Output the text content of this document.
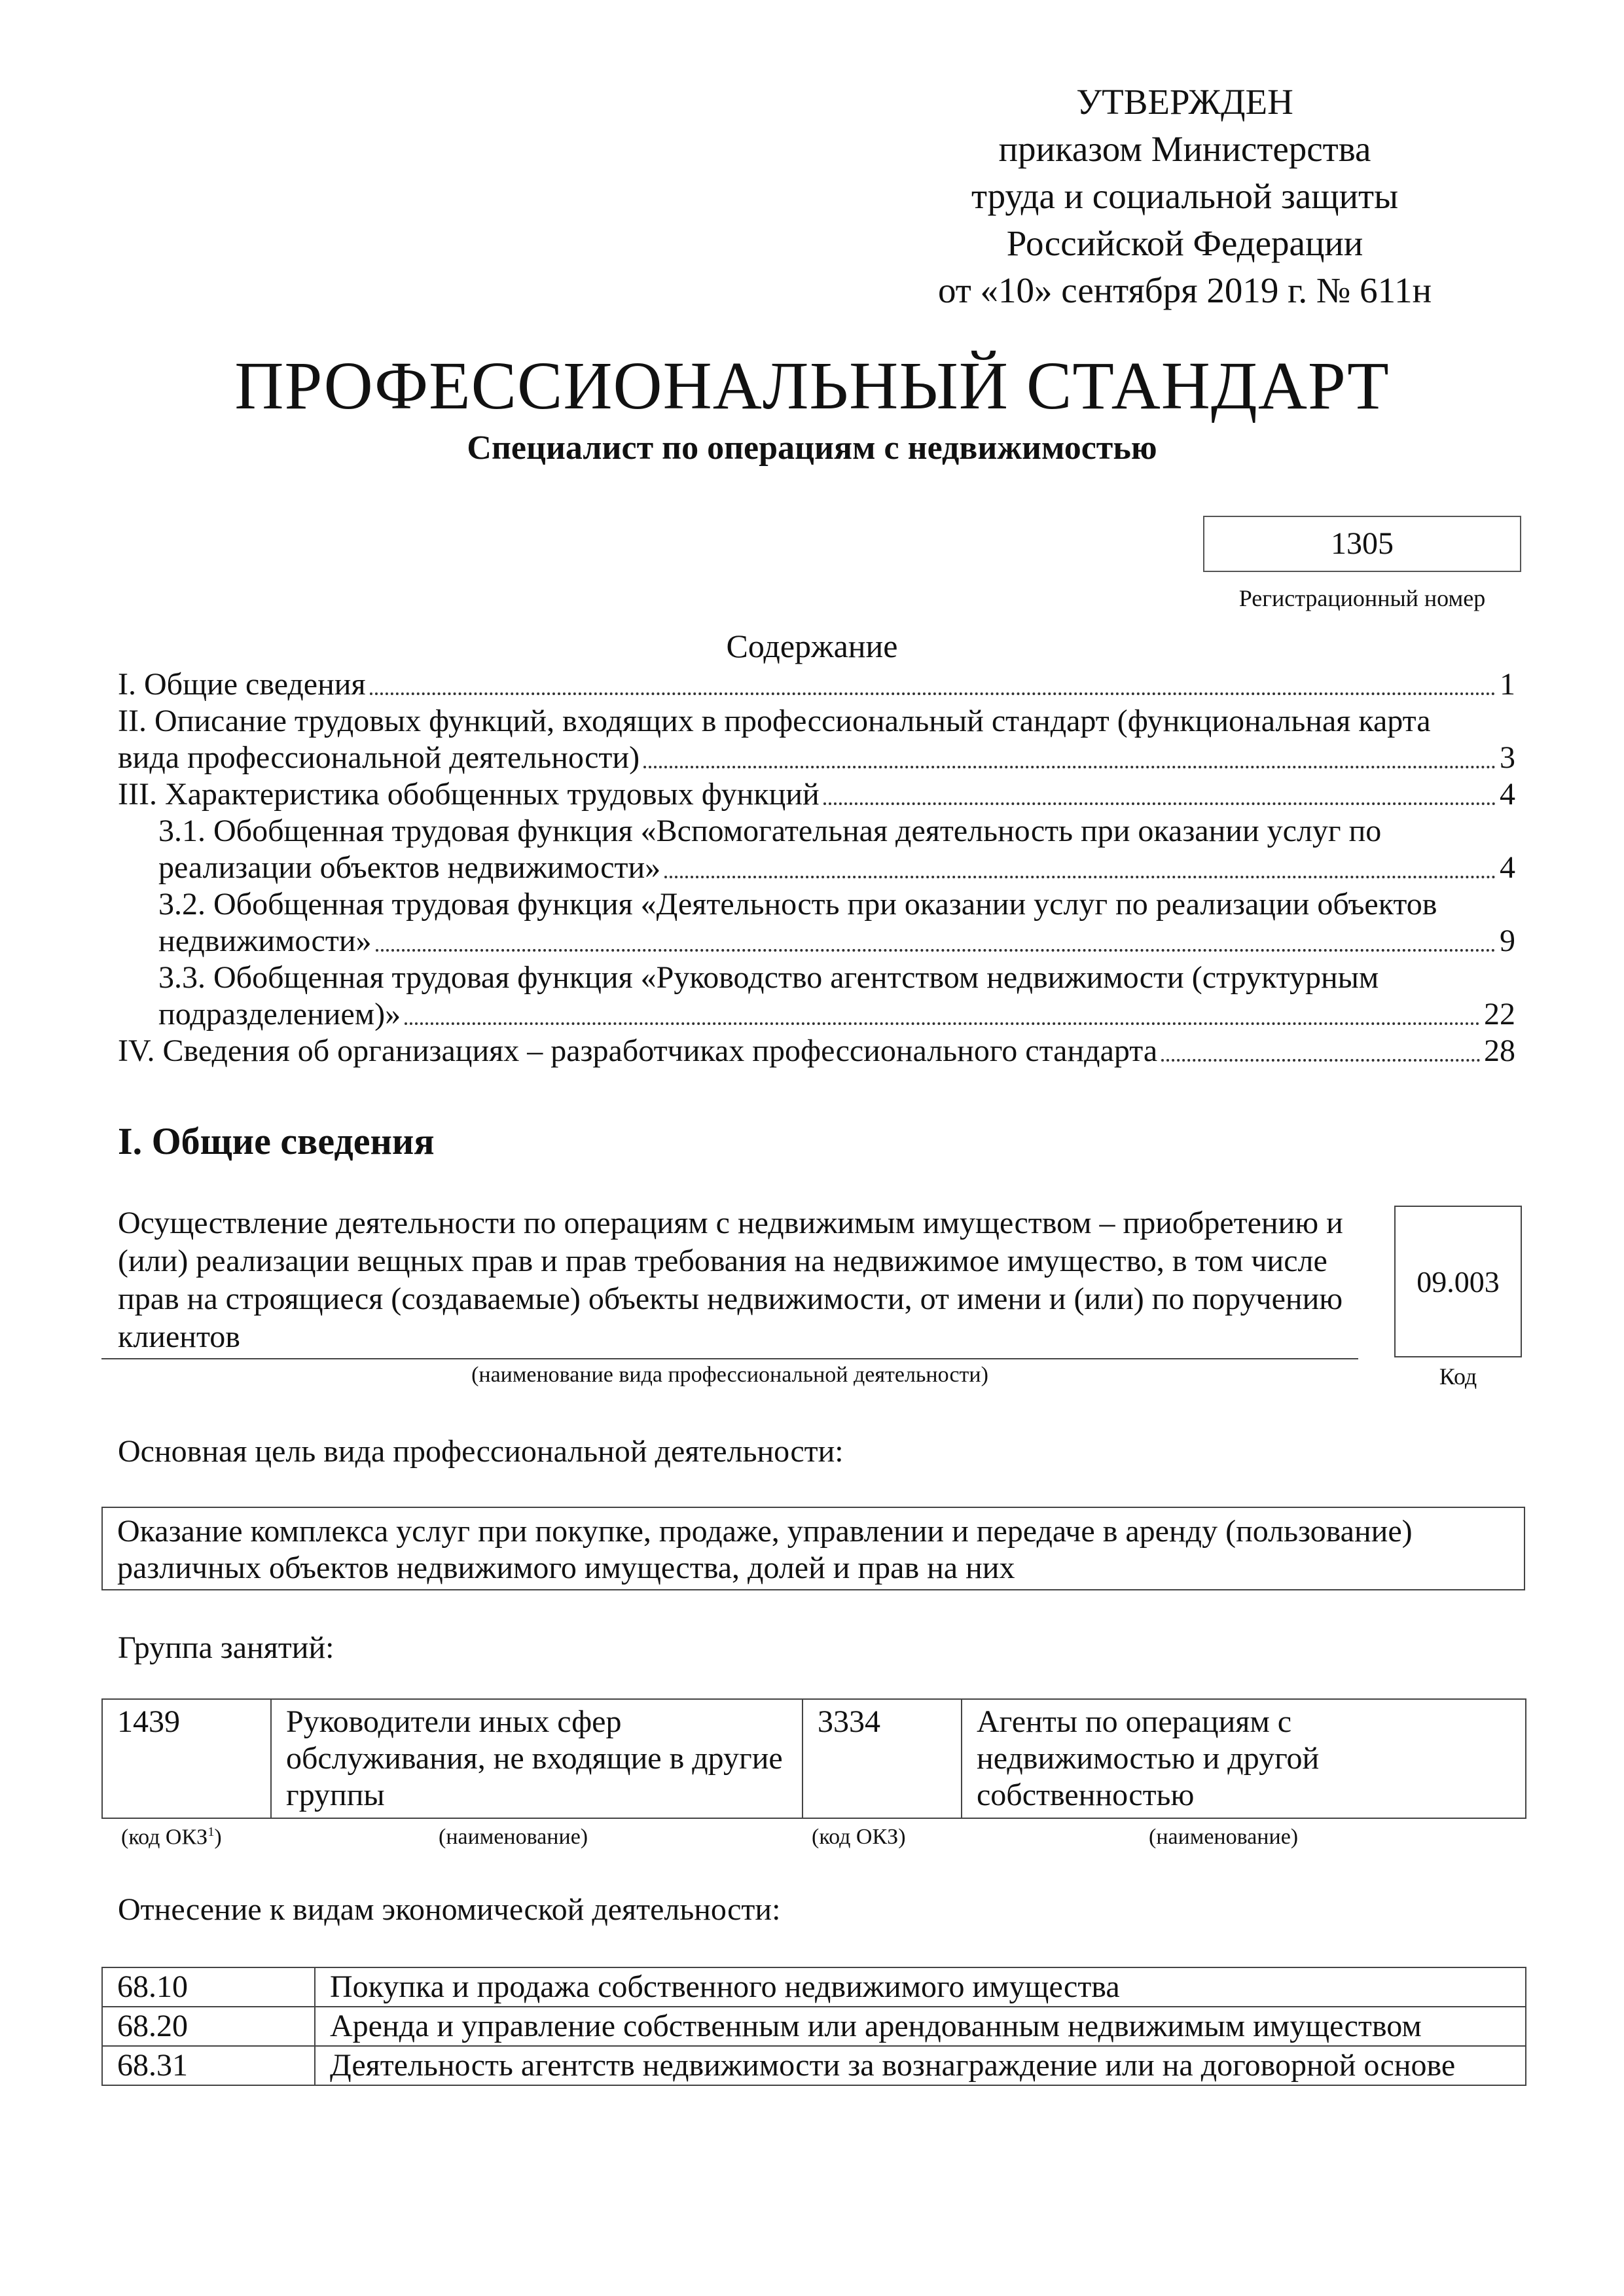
УТВЕРЖДЕН
приказом Министерства
труда и социальной защиты
Российской Федерации
от «10» сентября 2019 г. № 611н
ПРОФЕССИОНАЛЬНЫЙ СТАНДАРТ
Специалист по операциям с недвижимостью
1305
Регистрационный номер
Содержание
I. Общие сведения	1
II. Описание трудовых функций, входящих в профессиональный стандарт (функциональная карта
вида профессиональной деятельности)	3
III. Характеристика обобщенных трудовых функций	4
3.1. Обобщенная трудовая функция «Вспомогательная деятельность при оказании услуг по
реализации объектов недвижимости»	4
3.2. Обобщенная трудовая функция «Деятельность при оказании услуг по реализации объектов
недвижимости»	9
3.3. Обобщенная трудовая функция «Руководство агентством недвижимости (структурным
подразделением)»	22
IV. Сведения об организациях – разработчиках профессионального стандарта	28
I. Общие сведения
Осуществление деятельности по операциям с недвижимым имуществом – приобретению и (или) реализации вещных прав и прав требования на недвижимое имущество, в том числе прав на строящиеся (создаваемые) объекты недвижимости, от имени и (или) по поручению клиентов
(наименование вида профессиональной деятельности)
09.003
Код
Основная цель вида профессиональной деятельности:
Оказание комплекса услуг при покупке, продаже, управлении и передаче в аренду (пользование) различных объектов недвижимого имущества, долей и прав на них
Группа занятий:
1439	Руководители иных сфер обслуживания, не входящие в другие группы	3334	Агенты по операциям с недвижимостью и другой собственностью
(код ОКЗ$^1$)	(наименование)	(код ОКЗ)	(наименование)
Отнесение к видам экономической деятельности:
68.10	Покупка и продажа собственного недвижимого имущества
68.20	Аренда и управление собственным или арендованным недвижимым имуществом
68.31	Деятельность агентств недвижимости за вознаграждение или на договорной основе
